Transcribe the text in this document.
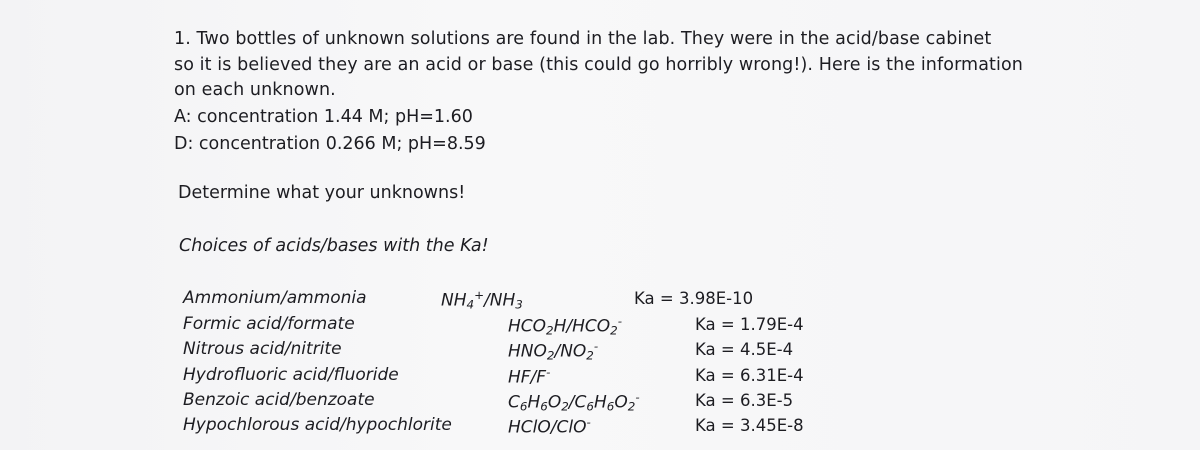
1. Two bottles of unknown solutions are found in the lab. They were in the acid/base cabinet
so it is believed they are an acid or base (this could go horribly wrong!). Here is the information
on each unknown.
A: concentration 1.44 M; pH=1.60
D: concentration 0.266 M; pH=8.59
Determine what your unknowns!
Choices of acids/bases with the Ka!
Ammonium/ammonia	$NH_4^+/NH_3$	Ka = 3.98E-10
Formic acid/formate	$HCO_2H/HCO_2^-$	Ka = 1.79E-4
Nitrous acid/nitrite	$HNO_2/NO_2^-$	Ka = 4.5E-4
Hydrofluoric acid/fluoride	HF/F-	Ka = 6.31E-4
Benzoic acid/benzoate	$C_6H_6O_2/C_6H_6O_2^-$	Ka = 6.3E-5
Hypochlorous acid/hypochlorite	HClO/ClO-	Ka = 3.45E-8
